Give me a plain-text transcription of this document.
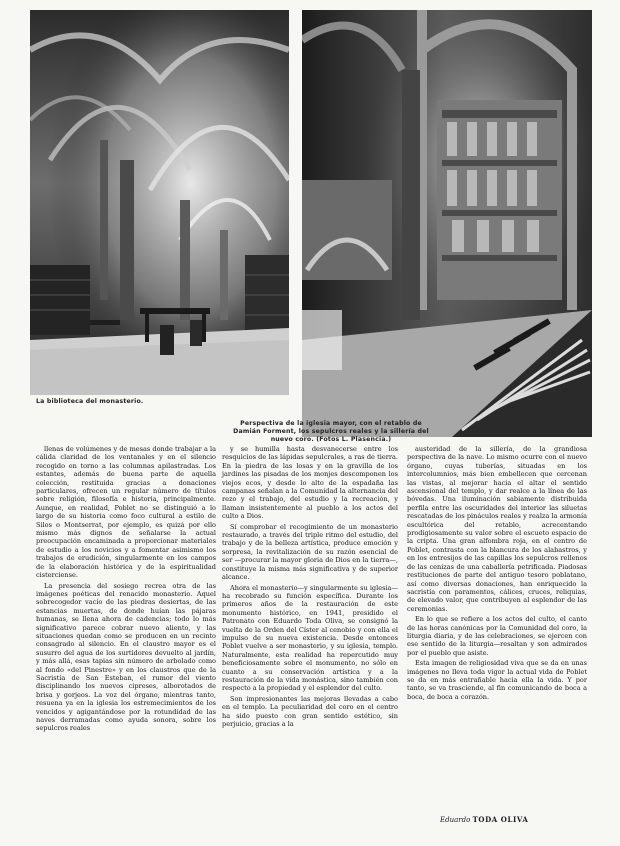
La biblioteca del monasterio.
Perspectiva de la iglesia mayor, con el retablo de Damián Forment, los sepulcros reales y la sillería del nuevo coro. (Fotos L. Plasencia.)

llenas de volúmenes y de mesas donde trabajar a la cálida claridad de los ventanales y en el silencio recogido en torno a las columnas apilastradas. Los estantes, además de buena parte de aquella colección, restituida gracias a donaciones particulares, ofrecen un regular número de títulos sobre religión, filosofía e historia, principalmente. Aunque, en realidad, Poblet no se distinguió a lo largo de su historia como foco cultural a estilo de Silos o Montserrat, por ejemplo, es quizá por ello mismo más dignos de señalarse la actual preocupación encaminada a proporcionar materiales de estudio a los novicios y a fomentar asimismo los trabajos de erudición, singularmente en los campos de la elaboración histórica y de la espiritualidad cisterciense.

La presencia del sosiego recrea otra de las imágenes poéticas del renacido monasterio. Aquel sobrecogedor vacío de las piedras desiertas, de las estancias muertas, de donde huían las pájaras humanas, se llena ahora de cadencias; todo lo más significativo parece cobrar nuevo aliento, y las situaciones quedan como se producen en un recinto consagrado al silencio. En el claustro mayor es el susurro del agua de los surtidores devuelto al jardín, y más allá, esas tapias sin número de arbolado como al fondo «del Pinestre» y en los claustros que de la Sacristía de San Esteban, el rumor del viento disciplinando los nuevos cipreses, alborotados de brisa y gorjeos. La voz del órgano, mientras tanto, resuena ya en la iglesia los estremecimientos de los vencidos y agigantándose por la rotundidad de las naves derramadas como ayuda sonora, sobre los sepulcros reales

y se humilla hasta desvanecerse entre los resquicios de las lápidas sepulcrales, a ras de tierra. En la piedra de las losas y en la gravilla de los jardines las pisadas de los monjes descomponen los viejos ecos, y desde lo alto de la espadaña las campanas señalan a la Comunidad la alternancia del rezo y el trabajo, del estudio y la recreación, y llaman insistentemente al pueblo a los actos del culto a Dios.

Sí comprobar el recogimiento de un monasterio restaurado, a través del triple ritmo del estudio, del trabajo y de la belleza artística, produce emoción y sorpresa, la revitalización de su razón esencial de ser —procurar la mayor gloria de Dios en la tierra—, constituye la misma más significativa y de superior alcance.

Ahora el monasterio—y singularmente su iglesia—ha recobrado su función específica. Durante los primeros años de la restauración de este monumento histórico, en 1941, presidido el Patronato con Eduardo Toda Oliva, se consignó la vuelta de la Orden del Císter al cenobio y con ella el impulso de su nueva existencia. Desde entonces Poblet vuelve a ser monasterio, y su iglesia, templo. Naturalmente, esta realidad ha repercutido muy beneficiosamente sobre el monumento, no sólo en cuanto a su conservación artística y a la restauración de la vida monástica, sino también con respecto a la propiedad y el esplendor del culto.

Son impresionantes las mejoras llevadas a cabo en el templo. La peculiaridad del coro en el centro ha sido puesto con gran sentido estético, sin perjuicio, gracias a la

austeridad de la sillería, de la grandiosa perspectiva de la nave. Lo mismo ocurre con el nuevo órgano, cuyas tuberías, situadas en los intercolumnios, más bien embellecen que cercenan las vistas, al mejorar hacia el altar el sentido ascensional del templo, y dar realce a la línea de las bóvedas. Una iluminación sabiamente distribuida perfila entre las oscuridades del interior las siluetas rescatadas de los pináculos reales y realza la armonía escultórica del retablo, acrecentando prodigiosamente su valor sobre el escueto espacio de la cripta. Una gran alfombra roja, en el centro de Poblet, contrasta con la blancura de los alabastros, y en los entresijos de las capillas los sepulcros rellenos de las cenizas de una caballería petrificada. Piadosas restituciones de parte del antiguo tesoro poblatano, así como diversas donaciones, han enriquecido la sacristía con paramentos, cálices, cruces, reliquias, de elevado valor, que contribuyen al esplendor de las ceremonias.

En lo que se refiere a los actos del culto, el canto de las horas canónicas por la Comunidad del coro, la liturgia diaria, y de las celebraciones, se ejercen con ese sentido de la liturgia—resaltan y son admirados por el pueblo que asiste.

Esta imagen de religiosidad viva que se da en unas imágenes no lleva toda vigor la actual vida de Poblet se da en más entrañable hacia ella la vida. Y por tanto, se va trasciende, al fin comunicando de boca a boca, de boca a corazón.

Eduardo TODA OLIVA
